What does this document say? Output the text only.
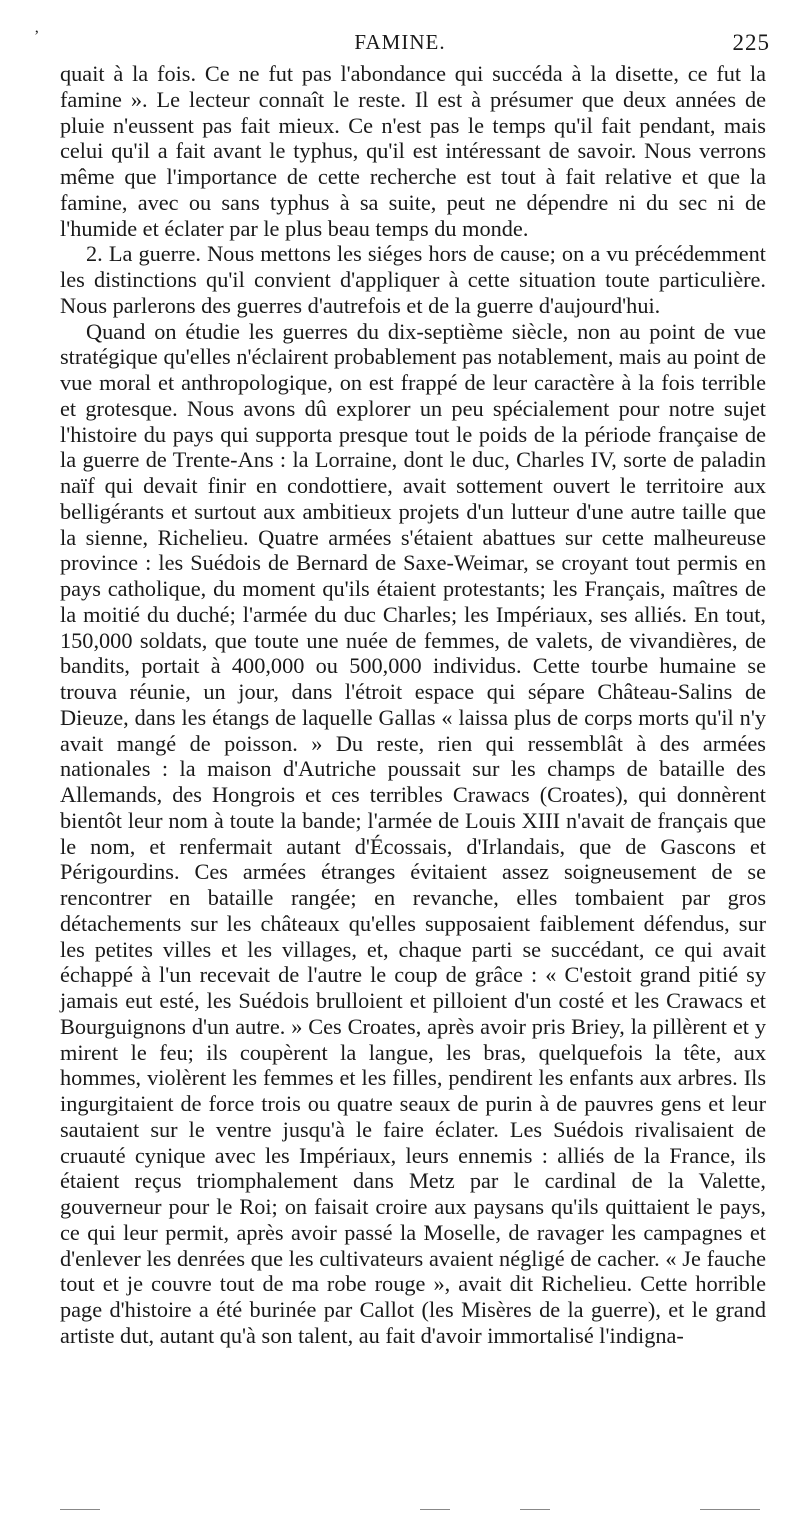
ʼ	FAMINE.	225

quait à la fois. Ce ne fut pas l'abondance qui succéda à la disette, ce fut la famine ». Le lecteur connaît le reste. Il est à présumer que deux années de pluie n'eussent pas fait mieux. Ce n'est pas le temps qu'il fait pendant, mais celui qu'il a fait avant le typhus, qu'il est intéressant de savoir. Nous verrons même que l'importance de cette recherche est tout à fait relative et que la famine, avec ou sans typhus à sa suite, peut ne dépendre ni du sec ni de l'humide et éclater par le plus beau temps du monde.

2. La guerre. Nous mettons les siéges hors de cause; on a vu précédemment les distinctions qu'il convient d'appliquer à cette situation toute particulière. Nous parlerons des guerres d'autrefois et de la guerre d'aujourd'hui.

Quand on étudie les guerres du dix-septième siècle, non au point de vue stratégique qu'elles n'éclairent probablement pas notablement, mais au point de vue moral et anthropologique, on est frappé de leur caractère à la fois terrible et grotesque. Nous avons dû explorer un peu spécialement pour notre sujet l'histoire du pays qui supporta presque tout le poids de la période française de la guerre de Trente-Ans : la Lorraine, dont le duc, Charles IV, sorte de paladin naïf qui devait finir en condottiere, avait sottement ouvert le territoire aux belligérants et surtout aux ambitieux projets d'un lutteur d'une autre taille que la sienne, Richelieu. Quatre armées s'étaient abattues sur cette malheureuse province : les Suédois de Bernard de Saxe-Weimar, se croyant tout permis en pays catholique, du moment qu'ils étaient protestants; les Français, maîtres de la moitié du duché; l'armée du duc Charles; les Impériaux, ses alliés. En tout, 150,000 soldats, que toute une nuée de femmes, de valets, de vivandières, de bandits, portait à 400,000 ou 500,000 individus. Cette tourbe humaine se trouva réunie, un jour, dans l'étroit espace qui sépare Château-Salins de Dieuze, dans les étangs de laquelle Gallas « laissa plus de corps morts qu'il n'y avait mangé de poisson. » Du reste, rien qui ressemblât à des armées nationales : la maison d'Autriche poussait sur les champs de bataille des Allemands, des Hongrois et ces terribles Crawacs (Croates), qui donnèrent bientôt leur nom à toute la bande; l'armée de Louis XIII n'avait de français que le nom, et renfermait autant d'Écossais, d'Irlandais, que de Gascons et Périgourdins. Ces armées étranges évitaient assez soigneusement de se rencontrer en bataille rangée; en revanche, elles tombaient par gros détachements sur les châteaux qu'elles supposaient faiblement défendus, sur les petites villes et les villages, et, chaque parti se succédant, ce qui avait échappé à l'un recevait de l'autre le coup de grâce : « C'estoit grand pitié sy jamais eut esté, les Suédois brulloient et pilloient d'un costé et les Crawacs et Bourguignons d'un autre. » Ces Croates, après avoir pris Briey, la pillèrent et y mirent le feu; ils coupèrent la langue, les bras, quelquefois la tête, aux hommes, violèrent les femmes et les filles, pendirent les enfants aux arbres. Ils ingurgitaient de force trois ou quatre seaux de purin à de pauvres gens et leur sautaient sur le ventre jusqu'à le faire éclater. Les Suédois rivalisaient de cruauté cynique avec les Impériaux, leurs ennemis : alliés de la France, ils étaient reçus triomphalement dans Metz par le cardinal de la Valette, gouverneur pour le Roi; on faisait croire aux paysans qu'ils quittaient le pays, ce qui leur permit, après avoir passé la Moselle, de ravager les campagnes et d'enlever les denrées que les cultivateurs avaient négligé de cacher. « Je fauche tout et je couvre tout de ma robe rouge », avait dit Richelieu. Cette horrible page d'histoire a été burinée par Callot (les Misères de la guerre), et le grand artiste dut, autant qu'à son talent, au fait d'avoir immortalisé l'indigna-
